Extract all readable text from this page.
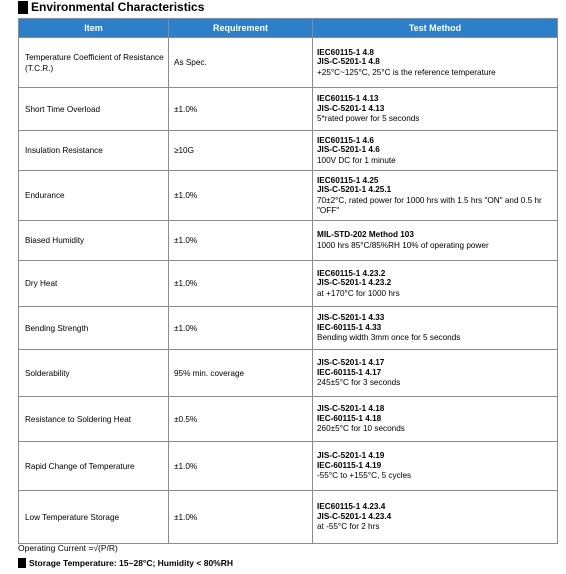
Environmental Characteristics
Item	Requirement	Test Method
Temperature Coefficient of Resistance (T.C.R.)	As Spec.	IEC60115-1 4.8
JIS-C-5201-1 4.8
+25°C~125°C, 25°C is the reference temperature

Short Time Overload	±1.0%	IEC60115-1 4.13
JIS-C-5201-1 4.13
5*rated power for 5 seconds

Insulation Resistance	≥10G	IEC60115-1 4.6
JIS-C-5201-1 4.6
100V DC for 1 minute

Endurance	±1.0%	IEC60115-1 4.25
JIS-C-5201-1 4.25.1
70±2°C, rated power for 1000 hrs with 1.5 hrs "ON" and 0.5 hr "OFF"

Biased Humidity	±1.0%	MIL-STD-202 Method 103
1000 hrs 85°C/85%RH 10% of operating power

Dry Heat	±1.0%	IEC60115-1 4.23.2
JIS-C-5201-1 4.23.2
at +170°C for 1000 hrs

Bending Strength	±1.0%	JIS-C-5201-1 4.33
IEC-60115-1 4.33
Bending width 3mm once for 5 seconds

Solderability	95% min. coverage	JIS-C-5201-1 4.17
IEC-60115-1 4.17
245±5°C for 3 seconds

Resistance to Soldering Heat	±0.5%	JIS-C-5201-1 4.18
IEC-60115-1 4.18
260±5°C for 10 seconds

Rapid Change of Temperature	±1.0%	JIS-C-5201-1 4.19
IEC-60115-1 4.19
-55°C to +155°C, 5 cycles

Low Temperature Storage	±1.0%	IEC60115-1 4.23.4
JIS-C-5201-1 4.23.4
at -55°C for 2 hrs
Operating Current =√(P/R)
Storage Temperature: 15~28°C; Humidity < 80%RH
